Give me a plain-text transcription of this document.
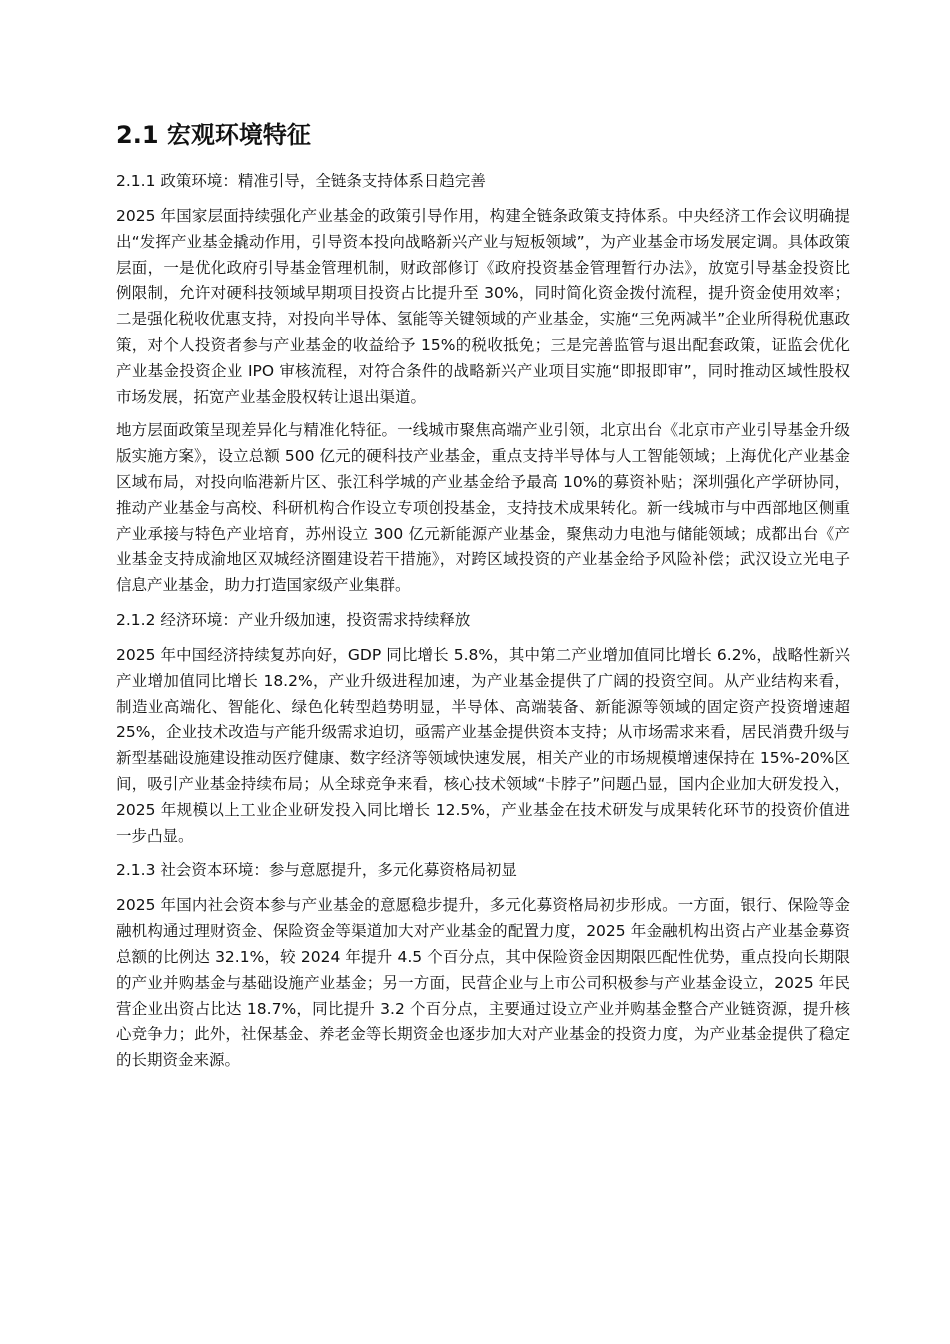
2.1 宏观环境特征
2.1.1 政策环境：精准引导，全链条支持体系日趋完善

2025 年国家层面持续强化产业基金的政策引导作用，构建全链条政策支持体系。中央经济工作会议明确提出“发挥产业基金撬动作用，引导资本投向战略新兴产业与短板领域”，为产业基金市场发展定调。具体政策层面，一是优化政府引导基金管理机制，财政部修订《政府投资基金管理暂行办法》，放宽引导基金投资比例限制，允许对硬科技领域早期项目投资占比提升至 30%，同时简化资金拨付流程，提升资金使用效率；二是强化税收优惠支持，对投向半导体、氢能等关键领域的产业基金，实施“三免两减半”企业所得税优惠政策，对个人投资者参与产业基金的收益给予 15%的税收抵免；三是完善监管与退出配套政策，证监会优化产业基金投资企业 IPO 审核流程，对符合条件的战略新兴产业项目实施“即报即审”，同时推动区域性股权市场发展，拓宽产业基金股权转让退出渠道。

地方层面政策呈现差异化与精准化特征。一线城市聚焦高端产业引领，北京出台《北京市产业引导基金升级版实施方案》，设立总额 500 亿元的硬科技产业基金，重点支持半导体与人工智能领域；上海优化产业基金区域布局，对投向临港新片区、张江科学城的产业基金给予最高 10%的募资补贴；深圳强化产学研协同，推动产业基金与高校、科研机构合作设立专项创投基金，支持技术成果转化。新一线城市与中西部地区侧重产业承接与特色产业培育，苏州设立 300 亿元新能源产业基金，聚焦动力电池与储能领域；成都出台《产业基金支持成渝地区双城经济圈建设若干措施》，对跨区域投资的产业基金给予风险补偿；武汉设立光电子信息产业基金，助力打造国家级产业集群。

2.1.2 经济环境：产业升级加速，投资需求持续释放

2025 年中国经济持续复苏向好，GDP 同比增长 5.8%，其中第二产业增加值同比增长 6.2%，战略性新兴产业增加值同比增长 18.2%，产业升级进程加速，为产业基金提供了广阔的投资空间。从产业结构来看，制造业高端化、智能化、绿色化转型趋势明显，半导体、高端装备、新能源等领域的固定资产投资增速超 25%，企业技术改造与产能升级需求迫切，亟需产业基金提供资本支持；从市场需求来看，居民消费升级与新型基础设施建设推动医疗健康、数字经济等领域快速发展，相关产业的市场规模增速保持在 15%-20%区间，吸引产业基金持续布局；从全球竞争来看，核心技术领域“卡脖子”问题凸显，国内企业加大研发投入，2025 年规模以上工业企业研发投入同比增长 12.5%，产业基金在技术研发与成果转化环节的投资价值进一步凸显。

2.1.3 社会资本环境：参与意愿提升，多元化募资格局初显

2025 年国内社会资本参与产业基金的意愿稳步提升，多元化募资格局初步形成。一方面，银行、保险等金融机构通过理财资金、保险资金等渠道加大对产业基金的配置力度，2025 年金融机构出资占产业基金募资总额的比例达 32.1%，较 2024 年提升 4.5 个百分点，其中保险资金因期限匹配性优势，重点投向长期限的产业并购基金与基础设施产业基金；另一方面，民营企业与上市公司积极参与产业基金设立，2025 年民营企业出资占比达 18.7%，同比提升 3.2 个百分点，主要通过设立产业并购基金整合产业链资源，提升核心竞争力；此外，社保基金、养老金等长期资金也逐步加大对产业基金的投资力度，为产业基金提供了稳定的长期资金来源。
